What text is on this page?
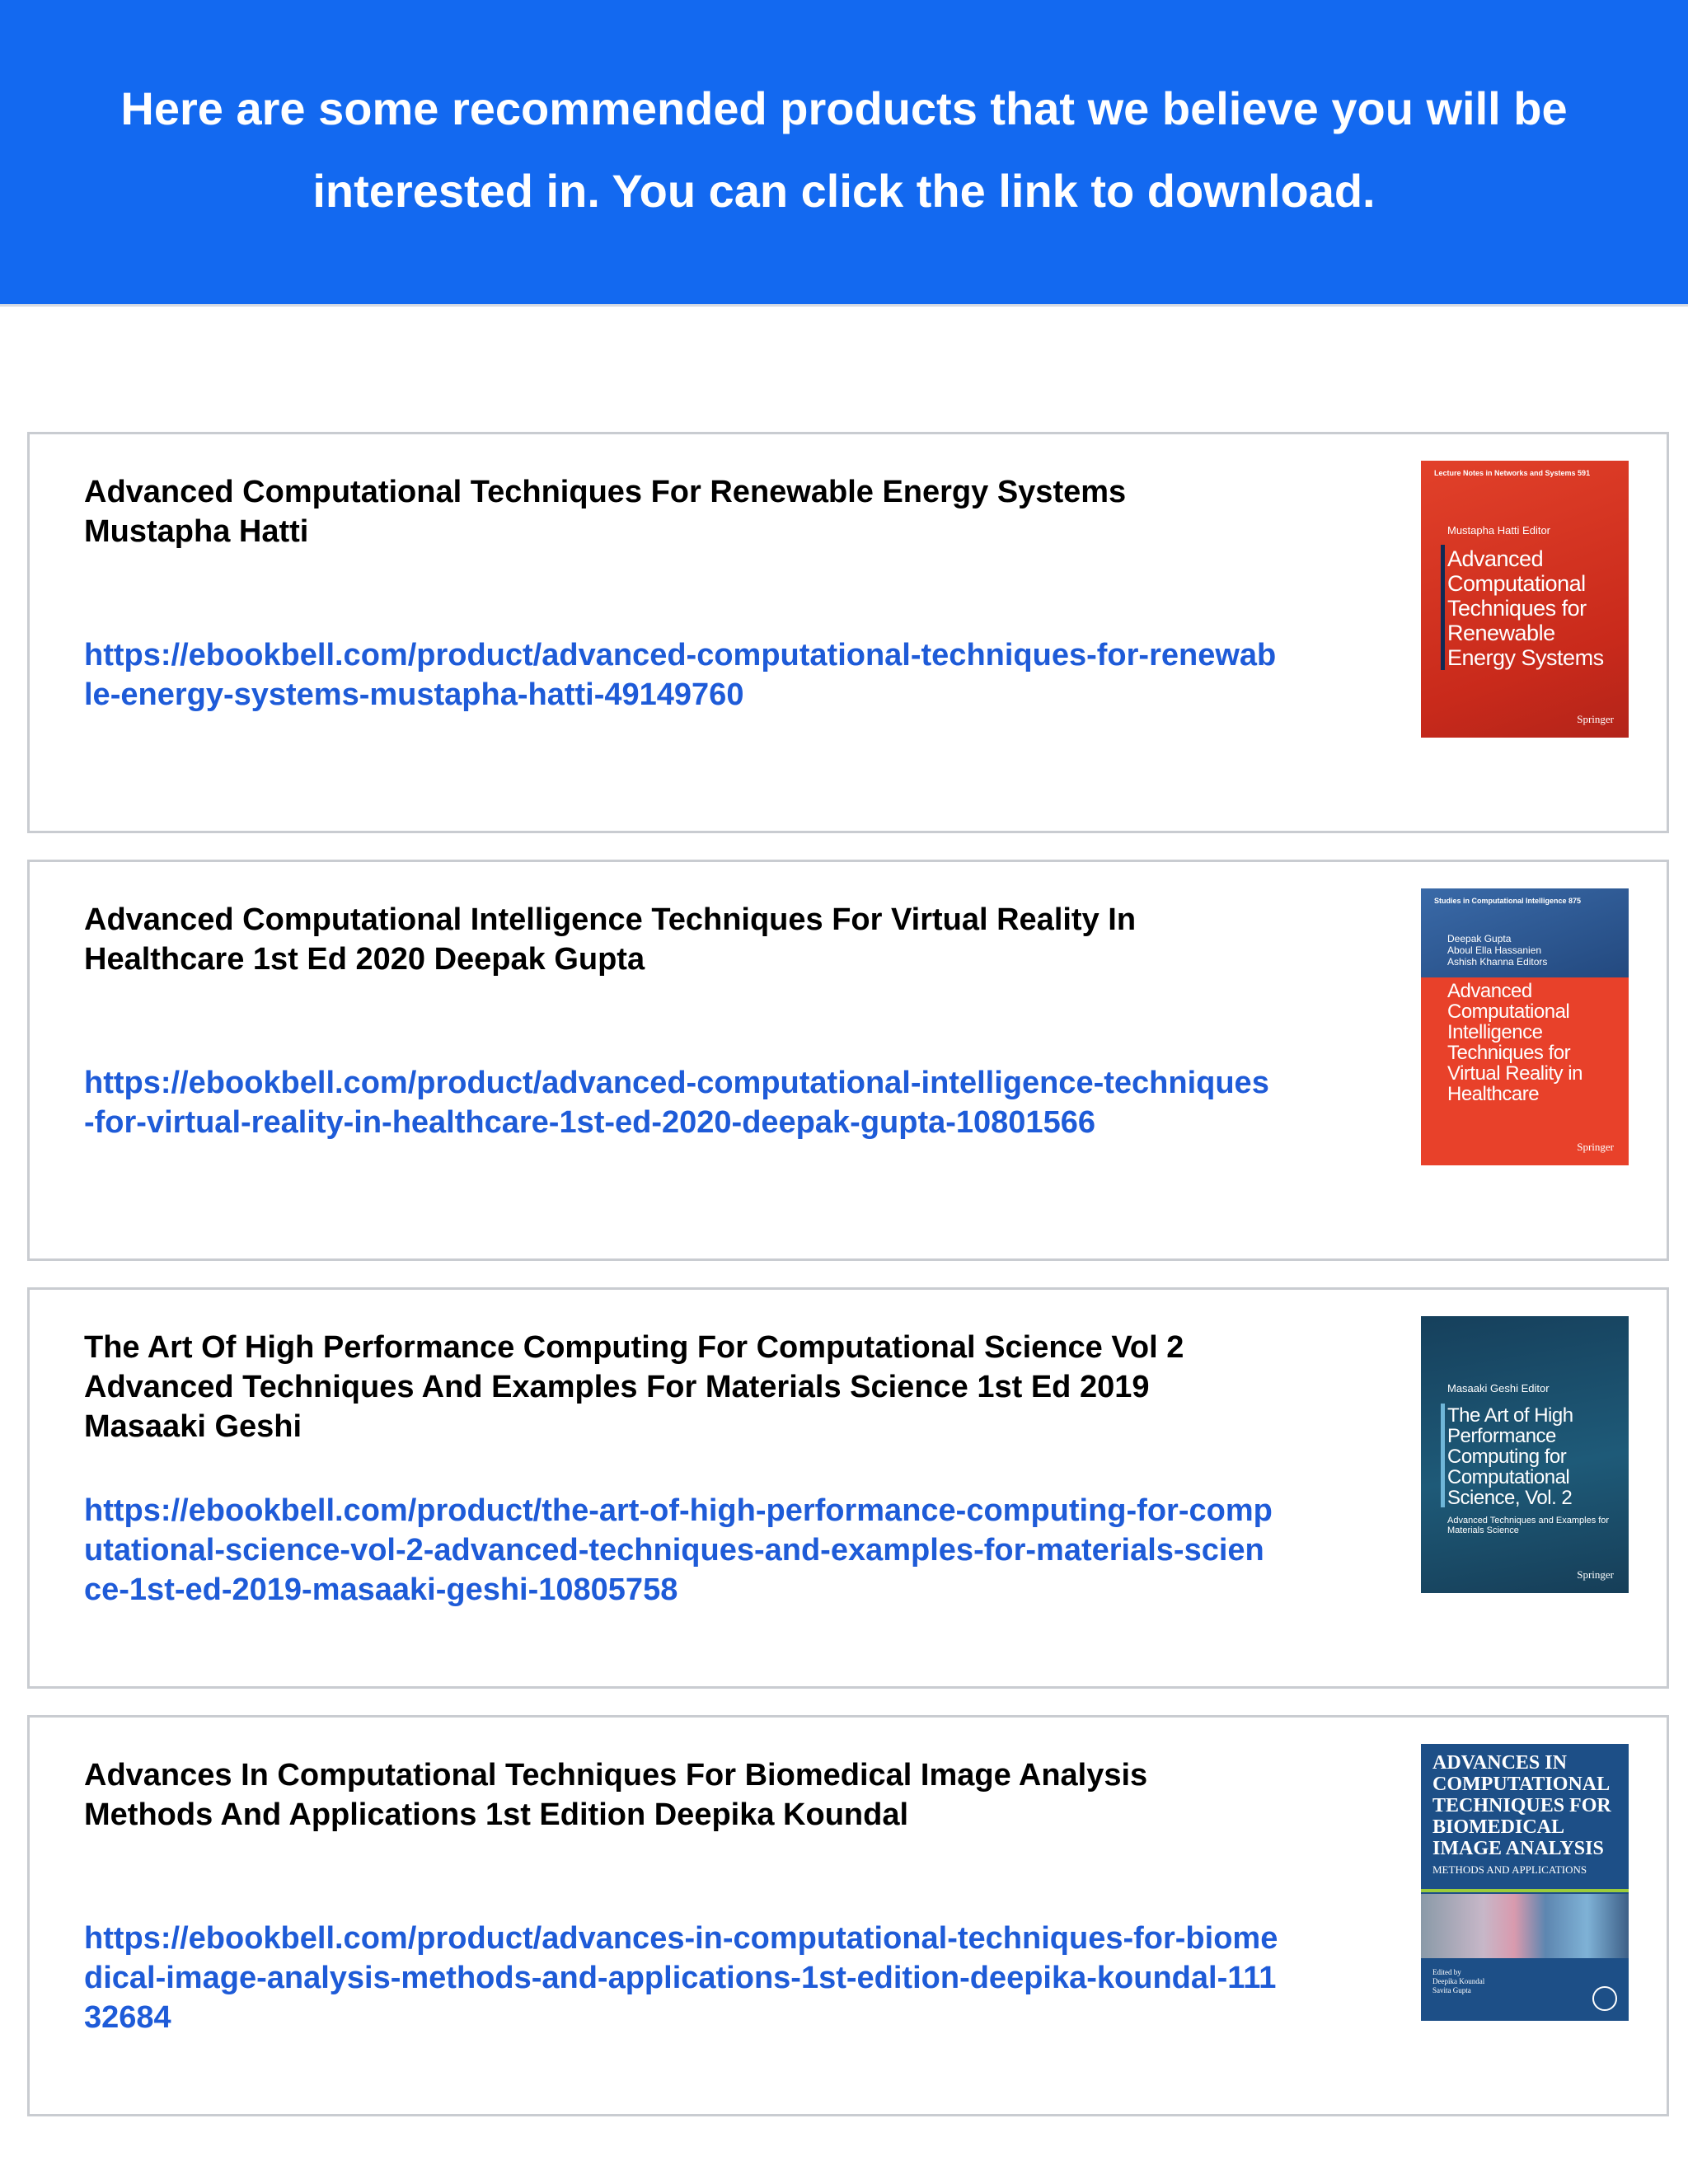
Here are some recommended products that we believe you will be interested in. You can click the link to download.
Advanced Computational Techniques For Renewable Energy Systems Mustapha Hatti
https://ebookbell.com/product/advanced-computational-techniques-for-renewable-energy-systems-mustapha-hatti-49149760
Lecture Notes in Networks and Systems 591
Mustapha Hatti Editor
Advanced Computational Techniques for Renewable Energy Systems
Springer
Advanced Computational Intelligence Techniques For Virtual Reality In Healthcare 1st Ed 2020 Deepak Gupta
https://ebookbell.com/product/advanced-computational-intelligence-techniques-for-virtual-reality-in-healthcare-1st-ed-2020-deepak-gupta-10801566
Studies in Computational Intelligence 875
Deepak Gupta
Aboul Ella Hassanien
Ashish Khanna Editors
Advanced Computational Intelligence Techniques for Virtual Reality in Healthcare
Springer
The Art Of High Performance Computing For Computational Science Vol 2 Advanced Techniques And Examples For Materials Science 1st Ed 2019 Masaaki Geshi
https://ebookbell.com/product/the-art-of-high-performance-computing-for-computational-science-vol-2-advanced-techniques-and-examples-for-materials-science-1st-ed-2019-masaaki-geshi-10805758
Masaaki Geshi Editor
The Art of High Performance Computing for Computational Science, Vol. 2
Advanced Techniques and Examples for Materials Science
Springer
Advances In Computational Techniques For Biomedical Image Analysis Methods And Applications 1st Edition Deepika Koundal
https://ebookbell.com/product/advances-in-computational-techniques-for-biomedical-image-analysis-methods-and-applications-1st-edition-deepika-koundal-11132684
ADVANCES IN COMPUTATIONAL TECHNIQUES FOR BIOMEDICAL IMAGE ANALYSIS
METHODS AND APPLICATIONS
Edited by
Deepika Koundal
Savita Gupta
